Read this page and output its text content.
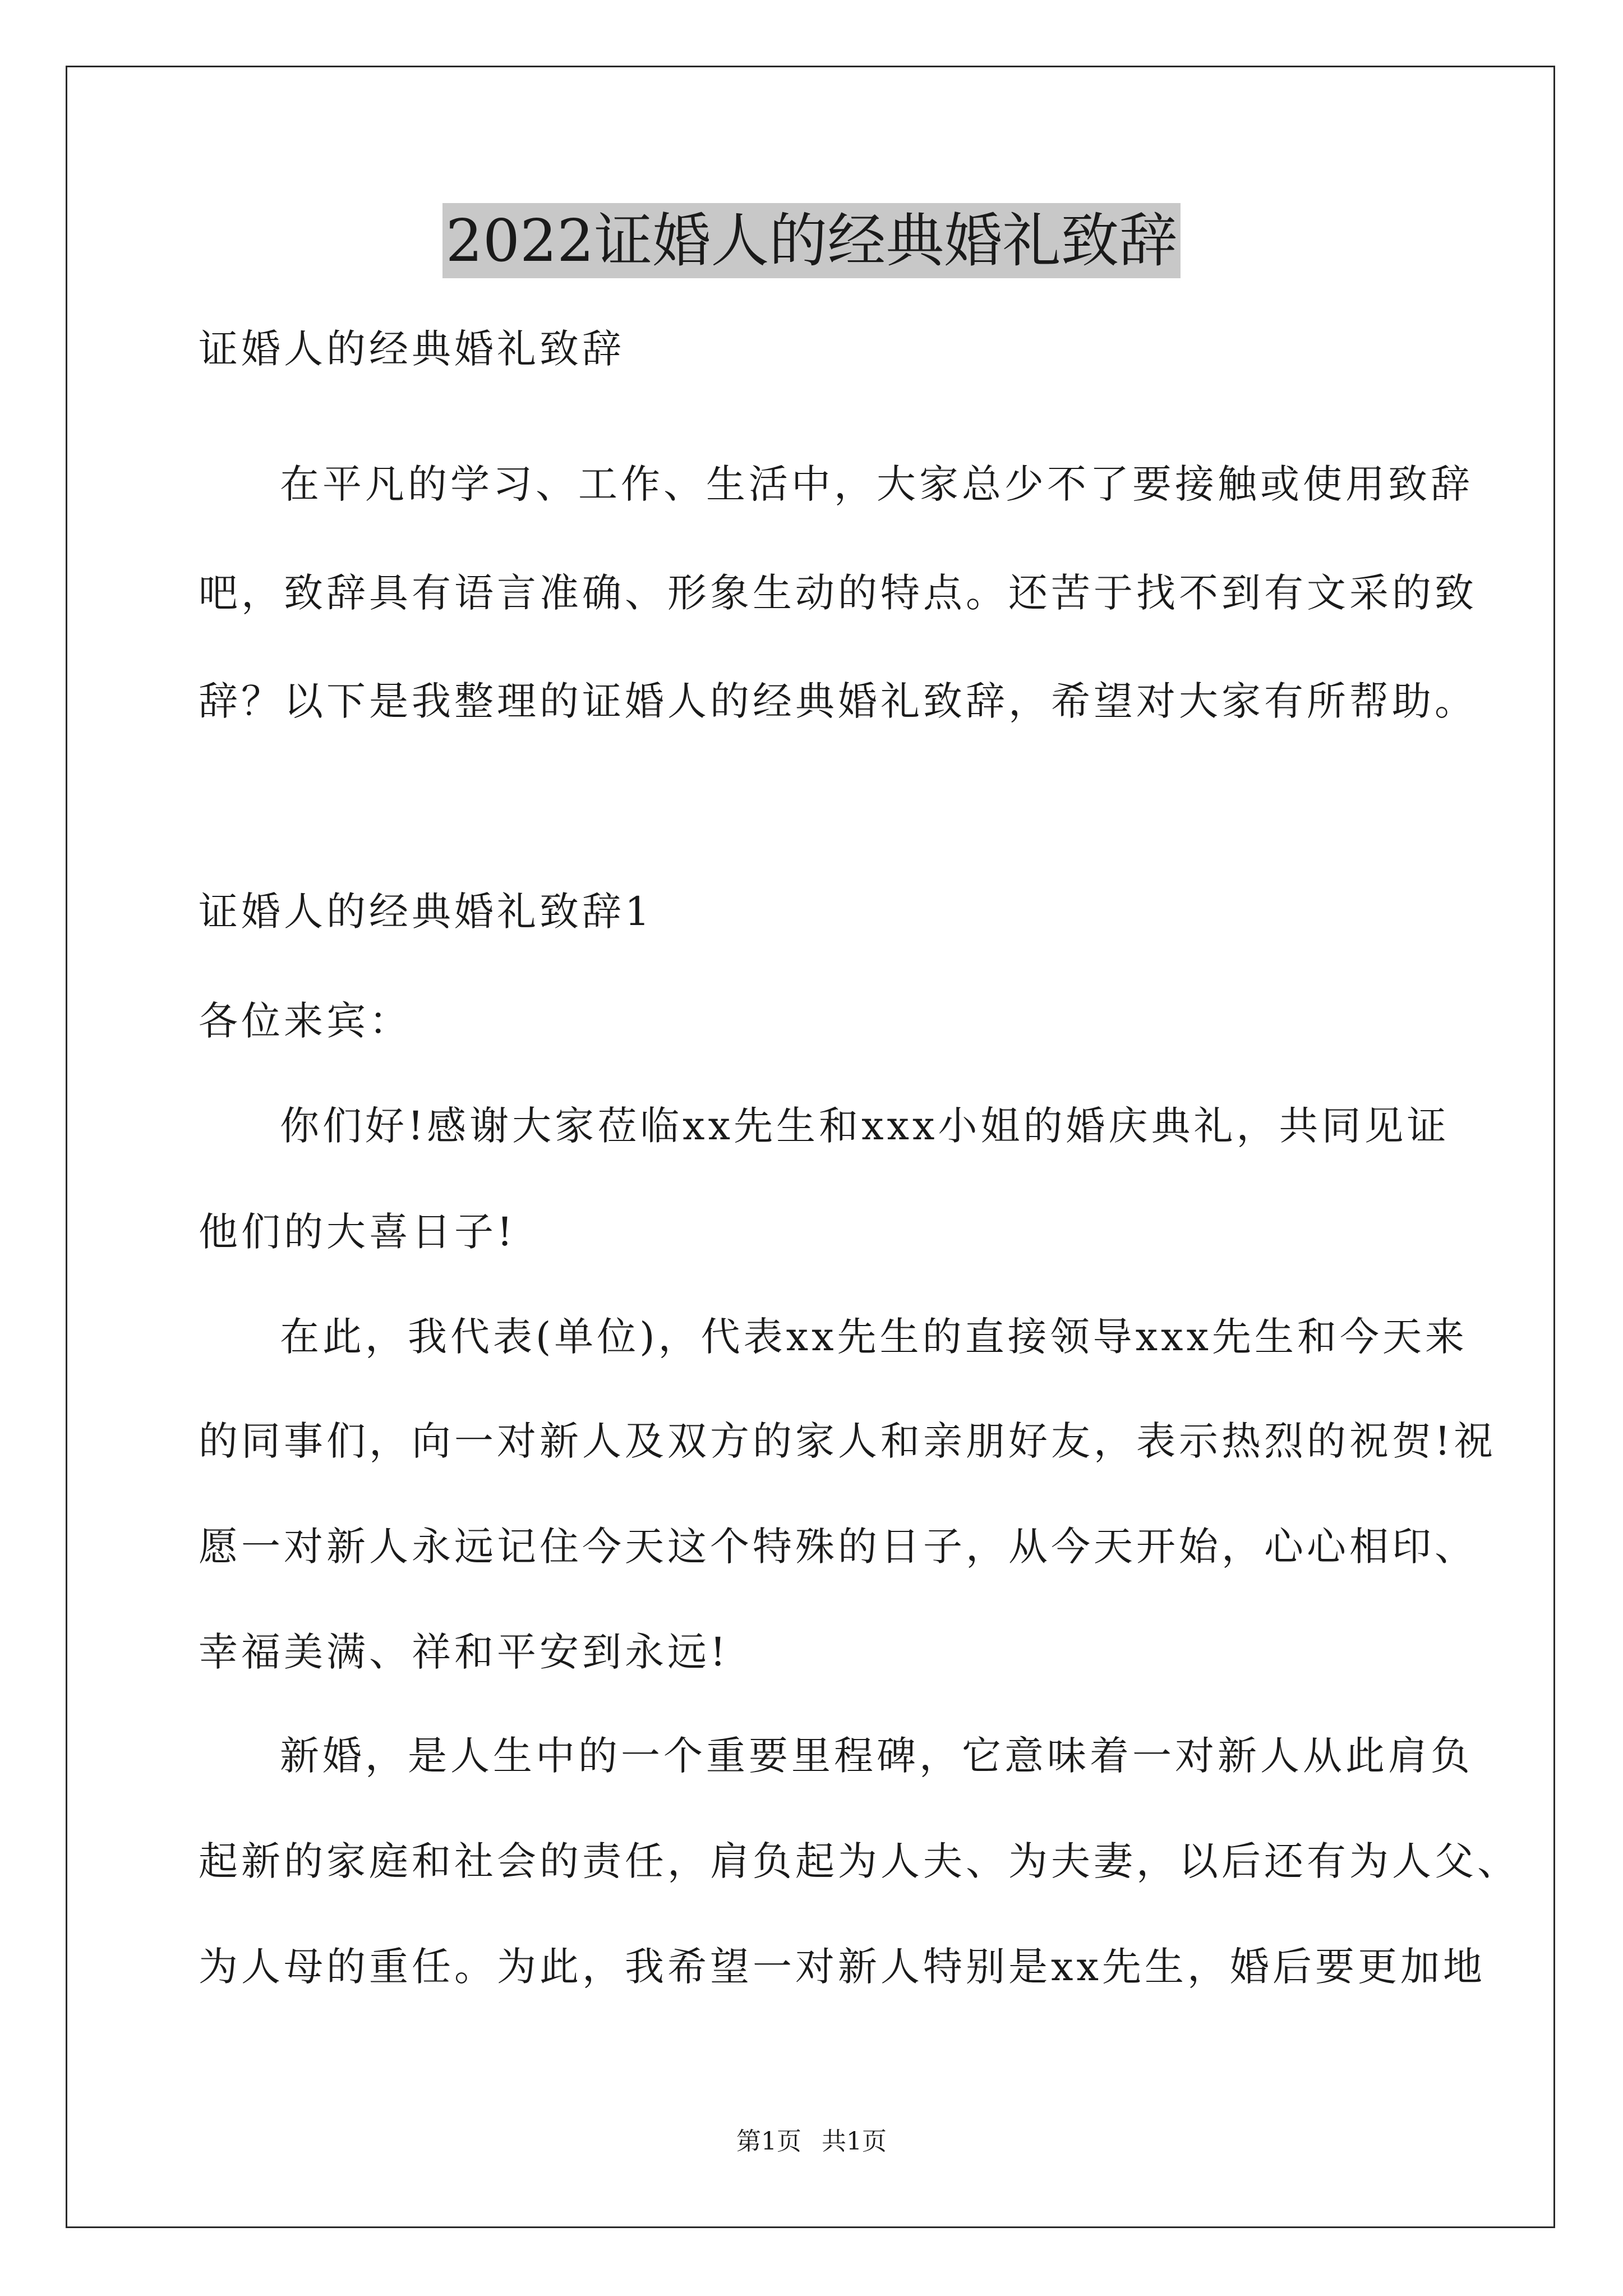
2022证婚人的经典婚礼致辞
证婚人的经典婚礼致辞
在平凡的学习、工作、生活中，大家总少不了要接触或使用致辞
吧，致辞具有语言准确、形象生动的特点。还苦于找不到有文采的致
辞？以下是我整理的证婚人的经典婚礼致辞，希望对大家有所帮助。
证婚人的经典婚礼致辞1
各位来宾：
你们好!感谢大家莅临xx先生和xxx小姐的婚庆典礼，共同见证
他们的大喜日子!
在此，我代表(单位)，代表xx先生的直接领导xxx先生和今天来
的同事们，向一对新人及双方的家人和亲朋好友，表示热烈的祝贺!祝
愿一对新人永远记住今天这个特殊的日子，从今天开始，心心相印、
幸福美满、祥和平安到永远!
新婚，是人生中的一个重要里程碑，它意味着一对新人从此肩负
起新的家庭和社会的责任，肩负起为人夫、为夫妻，以后还有为人父、
为人母的重任。为此，我希望一对新人特别是xx先生，婚后要更加地
第1页 共1页
